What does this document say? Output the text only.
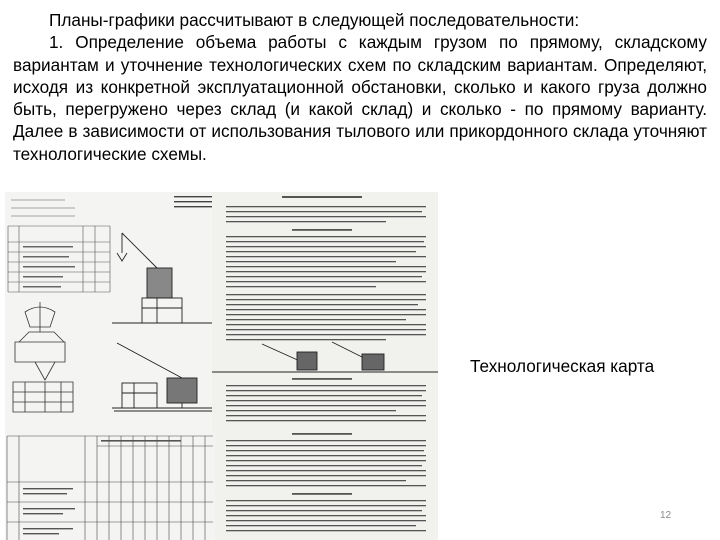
Планы-графики рассчитывают в следующей последовательности:

1. Определение объема работы с каждым грузом по прямому, складскому вариантам и уточнение технологических схем по складским вариантам. Определяют, исходя из конкретной эксплуатационной обстановки, сколько и какого груза должно быть, перегружено через склад (и какой склад) и сколько - по прямому варианту. Далее в зависимости от использования тылового или прикордонного склада уточняют технологические схемы.

Технологическая карта
12
